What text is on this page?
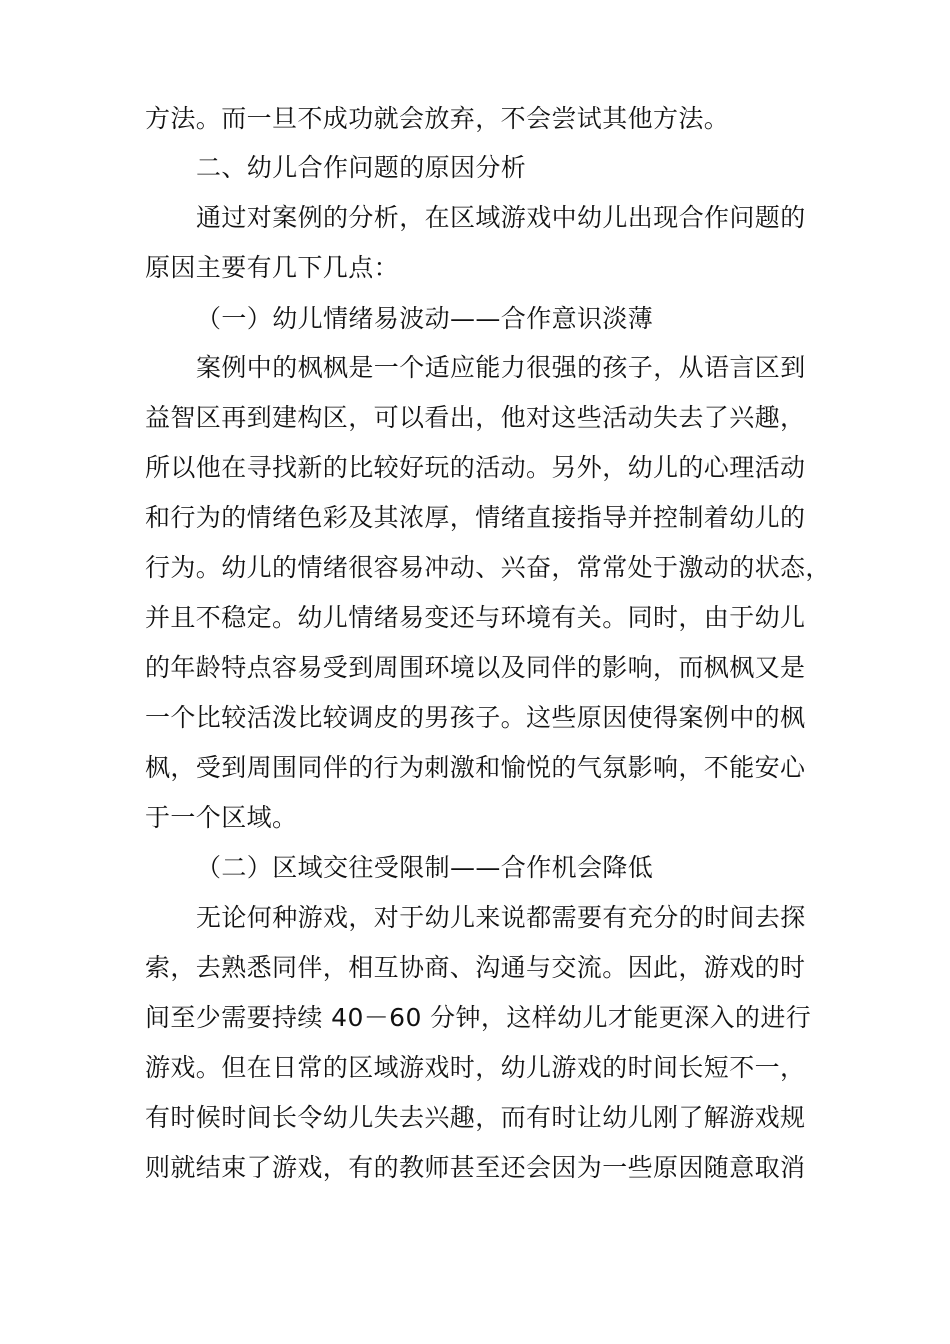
方法。而一旦不成功就会放弃，不会尝试其他方法。
二、幼儿合作问题的原因分析
通过对案例的分析，在区域游戏中幼儿出现合作问题的
原因主要有几下几点：
（一）幼儿情绪易波动——合作意识淡薄
案例中的枫枫是一个适应能力很强的孩子，从语言区到
益智区再到建构区，可以看出，他对这些活动失去了兴趣，
所以他在寻找新的比较好玩的活动。另外，幼儿的心理活动
和行为的情绪色彩及其浓厚，情绪直接指导并控制着幼儿的
行为。幼儿的情绪很容易冲动、兴奋，常常处于激动的状态，
并且不稳定。幼儿情绪易变还与环境有关。同时，由于幼儿
的年龄特点容易受到周围环境以及同伴的影响，而枫枫又是
一个比较活泼比较调皮的男孩子。这些原因使得案例中的枫
枫，受到周围同伴的行为刺激和愉悦的气氛影响，不能安心
于一个区域。
（二）区域交往受限制——合作机会降低
无论何种游戏，对于幼儿来说都需要有充分的时间去探
索，去熟悉同伴，相互协商、沟通与交流。因此，游戏的时
间至少需要持续 40－60 分钟，这样幼儿才能更深入的进行
游戏。但在日常的区域游戏时，幼儿游戏的时间长短不一，
有时候时间长令幼儿失去兴趣，而有时让幼儿刚了解游戏规
则就结束了游戏，有的教师甚至还会因为一些原因随意取消
